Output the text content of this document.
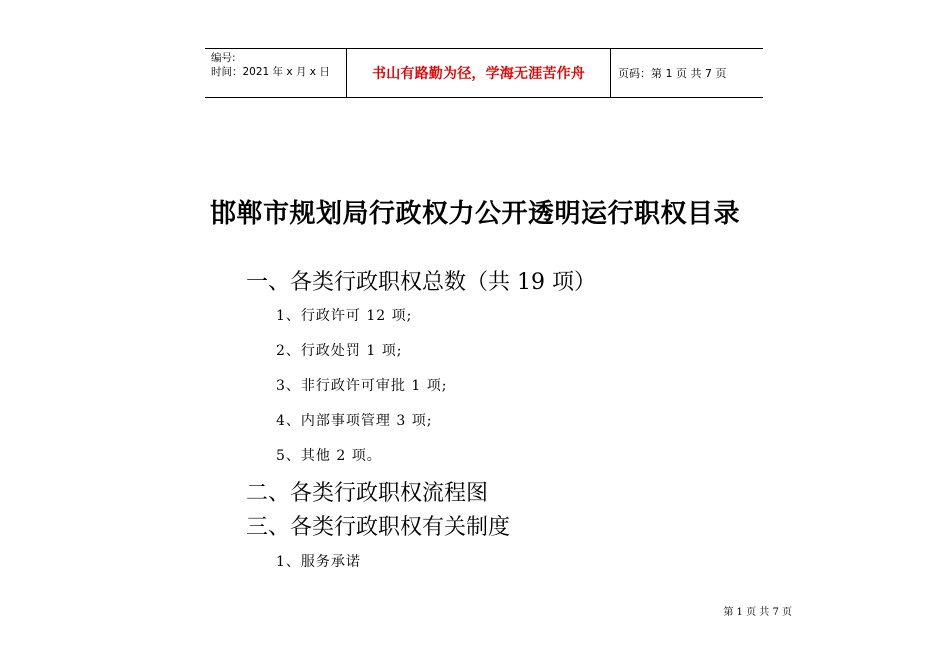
编号:
时间：2021 年 x 月 x 日	书山有路勤为径，学海无涯苦作舟	页码：第 1 页 共 7 页
邯郸市规划局行政权力公开透明运行职权目录
一、各类行政职权总数（共 19 项）
1、行政许可 12 项;
2、行政处罚 1 项;
3、非行政许可审批 1 项;
4、内部事项管理 3 项;
5、其他 2 项。
二、各类行政职权流程图
三、各类行政职权有关制度
1、服务承诺
第 1 页 共 7 页
